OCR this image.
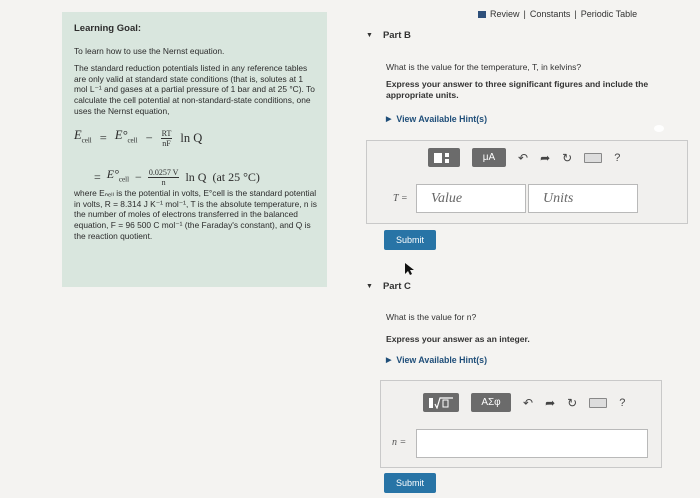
Review | Constants | Periodic Table
Learning Goal:

To learn how to use the Nernst equation.

The standard reduction potentials listed in any reference tables are only valid at standard state conditions (that is, solutes at 1 mol L⁻¹ and gases at a partial pressure of 1 bar and at 25 °C). To calculate the cell potential at non-standard-state conditions, one uses the Nernst equation,

$E_{cell} = E^\circ_{cell} - \frac{RT}{nF}$ ln Q
= $E^\circ_{cell} - \frac{0.0257 V}{n}$ ln Q (at 25 °C)

where Eₙₑₗₗ is the potential in volts, E°cell is the standard potential in volts, R = 8.314 J K⁻¹ mol⁻¹, T is the absolute temperature, n is the number of moles of electrons transferred in the balanced equation, F = 96 500 C mol⁻¹ (the Faraday's constant), and Q is the reaction quotient.

▼ Part B
What is the value for the temperature, T, in kelvins?
Express your answer to three significant figures and include the appropriate units.
▶ View Available Hint(s)
μA ↶ ➦ ↻	?
T =	Value	Units
Submit
▼ Part C
What is the value for n?
Express your answer as an integer.
▶ View Available Hint(s)
AΣφ ↶ ➦ ↻	?
n =
Submit
